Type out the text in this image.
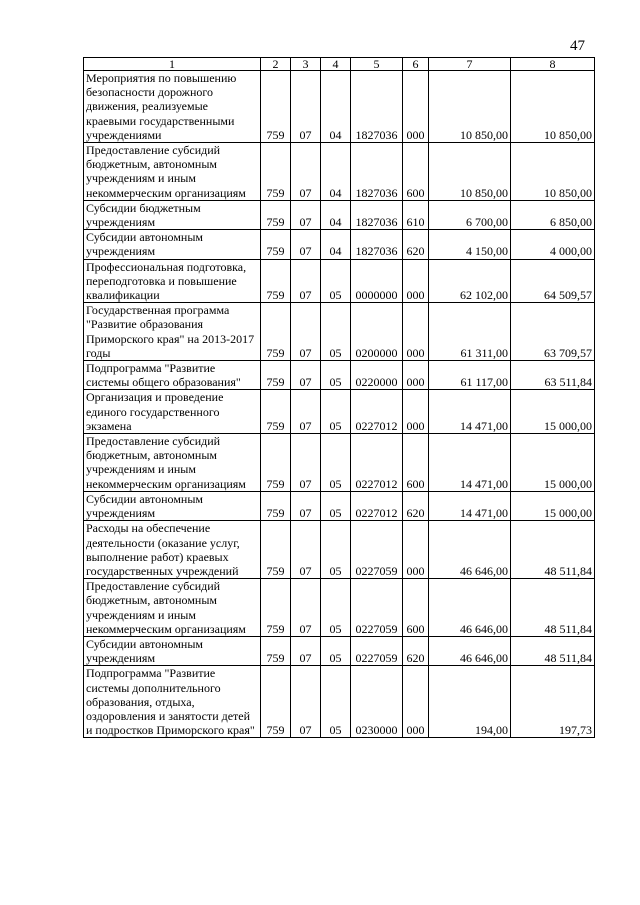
47
1	2	3	4	5	6	7	8
Мероприятия по повышению безопасности дорожного движения, реализуемые краевыми государственными учреждениями	759	07	04	1827036	000	10 850,00	10 850,00
Предоставление субсидий бюджетным, автономным учреждениям и иным некоммерческим организациям	759	07	04	1827036	600	10 850,00	10 850,00
Субсидии бюджетным учреждениям	759	07	04	1827036	610	6 700,00	6 850,00
Субсидии автономным учреждениям	759	07	04	1827036	620	4 150,00	4 000,00
Профессиональная подготовка, переподготовка и повышение квалификации	759	07	05	0000000	000	62 102,00	64 509,57
Государственная программа "Развитие образования Приморского края" на 2013-2017 годы	759	07	05	0200000	000	61 311,00	63 709,57
Подпрограмма "Развитие системы общего образования"	759	07	05	0220000	000	61 117,00	63 511,84
Организация и проведение единого государственного экзамена	759	07	05	0227012	000	14 471,00	15 000,00
Предоставление субсидий бюджетным, автономным учреждениям и иным некоммерческим организациям	759	07	05	0227012	600	14 471,00	15 000,00
Субсидии автономным учреждениям	759	07	05	0227012	620	14 471,00	15 000,00
Расходы на обеспечение деятельности (оказание услуг, выполнение работ) краевых государственных учреждений	759	07	05	0227059	000	46 646,00	48 511,84
Предоставление субсидий бюджетным, автономным учреждениям и иным некоммерческим организациям	759	07	05	0227059	600	46 646,00	48 511,84
Субсидии автономным учреждениям	759	07	05	0227059	620	46 646,00	48 511,84
Подпрограмма "Развитие системы дополнительного образования, отдыха, оздоровления и занятости детей и подростков Приморского края"	759	07	05	0230000	000	194,00	197,73
